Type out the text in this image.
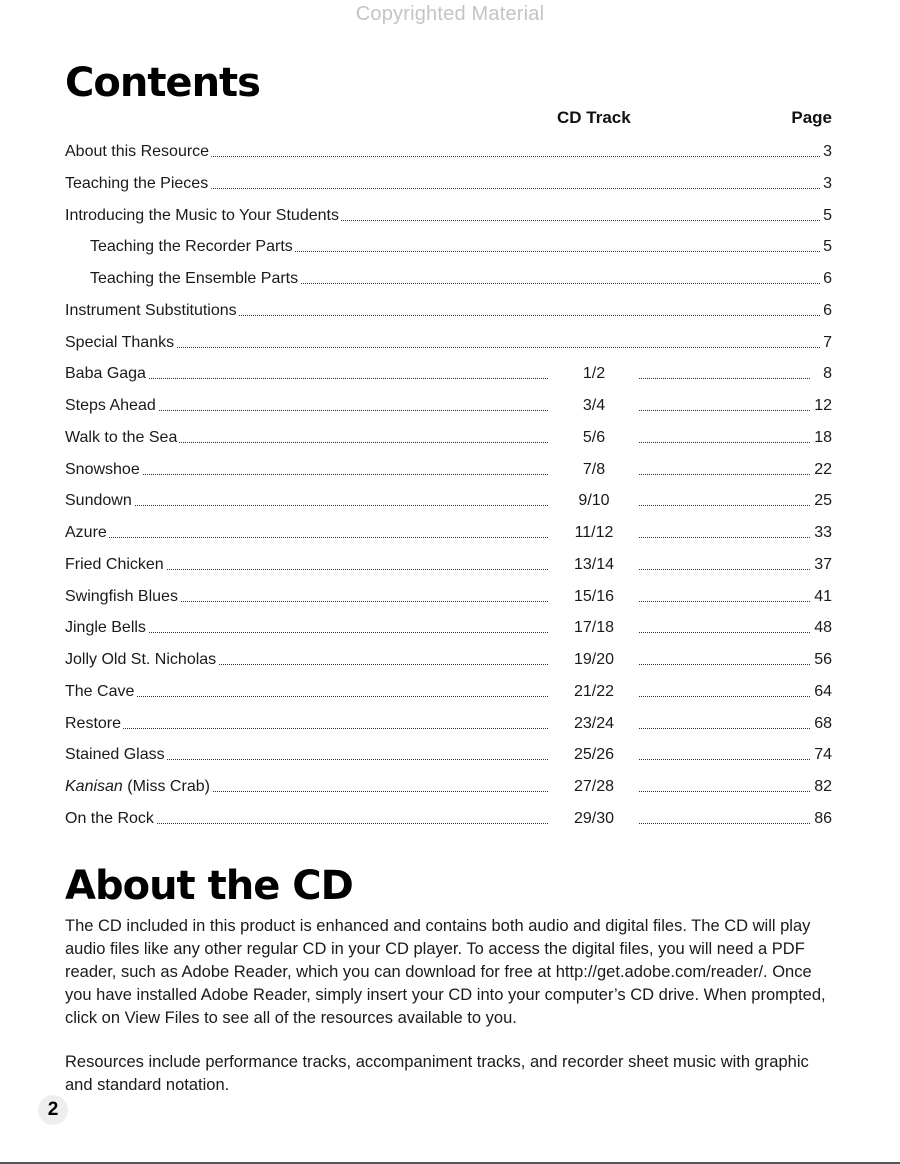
Copyrighted Material
Contents
CD Track	Page
About this Resource	3
Teaching the Pieces	3
Introducing the Music to Your Students	5
Teaching the Recorder Parts	5
Teaching the Ensemble Parts	6
Instrument Substitutions	6
Special Thanks	7
Baba Gaga	1/2	8
Steps Ahead	3/4	12
Walk to the Sea	5/6	18
Snowshoe	7/8	22
Sundown	9/10	25
Azure	11/12	33
Fried Chicken	13/14	37
Swingfish Blues	15/16	41
Jingle Bells	17/18	48
Jolly Old St. Nicholas	19/20	56
The Cave	21/22	64
Restore	23/24	68
Stained Glass	25/26	74
Kanisan (Miss Crab)	27/28	82
On the Rock	29/30	86
About the CD
The CD included in this product is enhanced and contains both audio and digital files. The CD will play audio files like any other regular CD in your CD player. To access the digital files, you will need a PDF reader, such as Adobe Reader, which you can download for free at http://get.adobe.com/reader/. Once you have installed Adobe Reader, simply insert your CD into your computer’s CD drive. When prompted, click on View Files to see all of the resources available to you.
Resources include performance tracks, accompaniment tracks, and recorder sheet music with graphic and standard notation.
2
